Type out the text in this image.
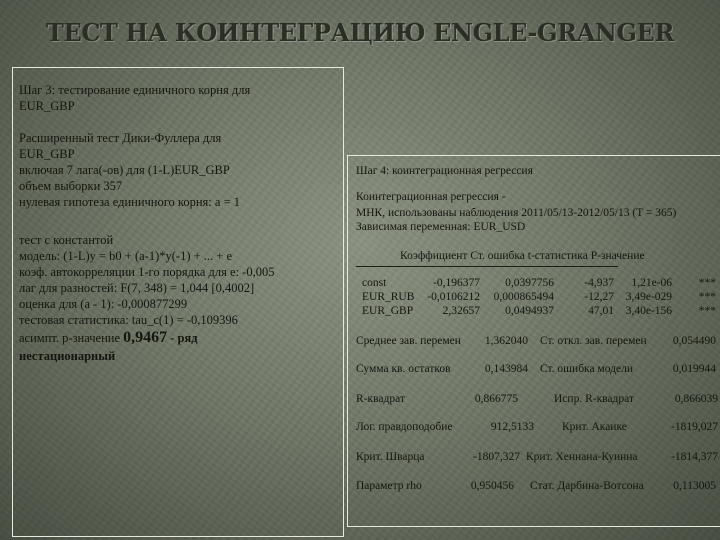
ТЕСТ НА КОИНТЕГРАЦИЮ ENGLE-GRANGER
Шаг 3: тестирование единичного корня для
EUR_GBP
Расширенный тест Дики-Фуллера для
EUR_GBP
включая 7 лага(-ов) для (1-L)EUR_GBP
объем выборки 357
нулевая гипотеза единичного корня: a = 1
тест с константой
модель: (1-L)y = b0 + (a-1)*y(-1) + ... + e
коэф. автокорреляции 1-го порядка для e: -0,005
лаг для разностей: F(7, 348) = 1,044 [0,4002]
оценка для (a - 1): -0,000877299
тестовая статистика: tau_c(1) = -0,109396
асимпт. р-значение 0,9467 - ряд
нестационарный
Шаг 4: коинтеграционная регрессия
Коинтеграционная регрессия -
МНК, использованы наблюдения 2011/05/13-2012/05/13 (T = 365)
Зависимая переменная: EUR_USD
Коэффициент Ст. ошибка t-статистика P-значение
const	-0,196377	0,0397756	-4,937	1,21e-06	***
EUR_RUB	-0,0106212	0,000865494	-12,27	3,49e-029	***
EUR_GBP	2,32657	0,0494937	47,01	3,40e-156	***
Среднее зав. перемен	1,362040 Ст. откл. зав. перемен	0,054490
Сумма кв. остатков	0,143984 Ст. ошибка модели	0,019944
R-квадрат	0,866775	Испр. R-квадрат	0,866039
Лог. правдоподобие	912,5133 Крит. Акаике	-1819,027
Крит. Шварца	-1807,327 Крит. Хеннана-Куинна	-1814,377
Параметр rho	0,950456 Стат. Дарбина-Вотсона	0,113005
